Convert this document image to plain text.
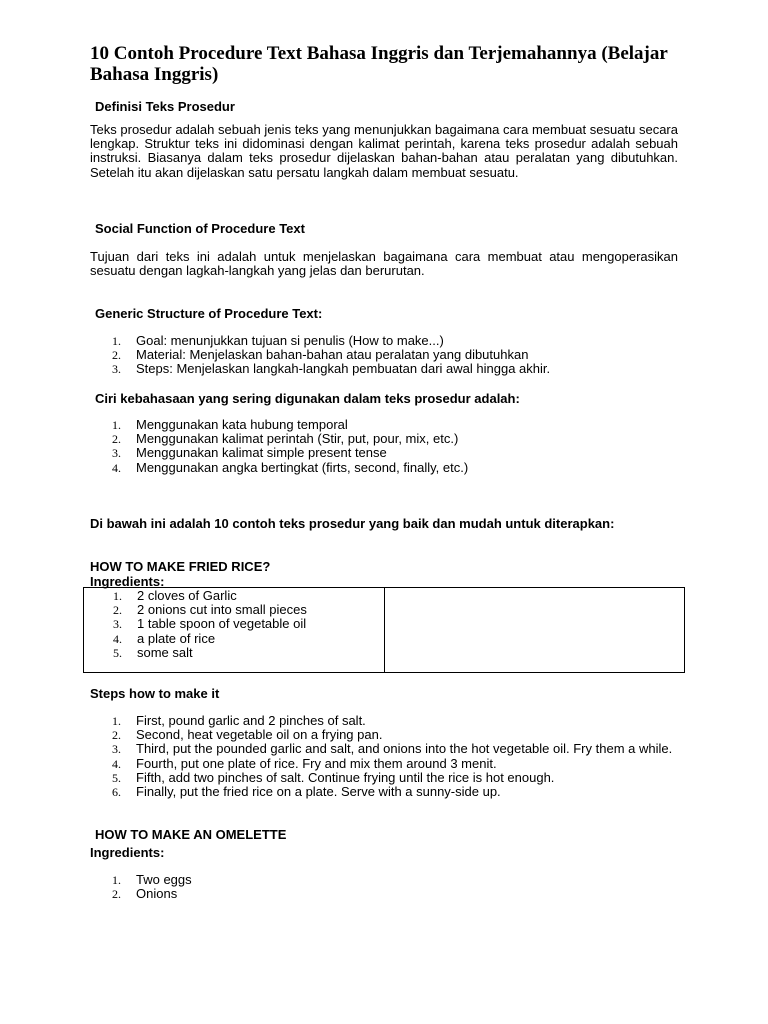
10 Contoh Procedure Text Bahasa Inggris dan Terjemahannya (Belajar Bahasa Inggris)
Definisi Teks Prosedur

Teks prosedur adalah sebuah jenis teks yang menunjukkan bagaimana cara membuat sesuatu secara lengkap. Struktur teks ini didominasi dengan kalimat perintah, karena teks prosedur adalah sebuah instruksi. Biasanya dalam teks prosedur dijelaskan bahan-bahan atau peralatan yang dibutuhkan. Setelah itu akan dijelaskan satu persatu langkah dalam membuat sesuatu.

Social Function of Procedure Text

Tujuan dari teks ini adalah untuk menjelaskan bagaimana cara membuat atau mengoperasikan sesuatu dengan lagkah-langkah yang jelas dan berurutan.

Generic Structure of Procedure Text:
1. Goal: menunjukkan tujuan si penulis (How to make...)
2. Material: Menjelaskan bahan-bahan atau peralatan yang dibutuhkan
3. Steps: Menjelaskan langkah-langkah pembuatan dari awal hingga akhir.
Ciri kebahasaan yang sering digunakan dalam teks prosedur adalah:
1. Menggunakan kata hubung temporal
2. Menggunakan kalimat perintah (Stir, put, pour, mix, etc.)
3. Menggunakan kalimat simple present tense
4. Menggunakan angka bertingkat (firts, second, finally, etc.)

Di bawah ini adalah 10 contoh teks prosedur yang baik dan mudah untuk diterapkan:

HOW TO MAKE FRIED RICE?
Ingredients:
1. 2 cloves of Garlic
2. 2 onions cut into small pieces
3. 1 table spoon of vegetable oil
4. a plate of rice
5. some salt
Steps how to make it
1. First, pound garlic and 2 pinches of salt.
2. Second, heat vegetable oil on a frying pan.
3. Third, put the pounded garlic and salt, and onions into the hot vegetable oil. Fry them a while.
4. Fourth, put one plate of rice. Fry and mix them around 3 menit.
5. Fifth, add two pinches of salt. Continue frying until the rice is hot enough.
6. Finally, put the fried rice on a plate. Serve with a sunny-side up.
HOW TO MAKE AN OMELETTE
Ingredients:
1. Two eggs
2. Onions
